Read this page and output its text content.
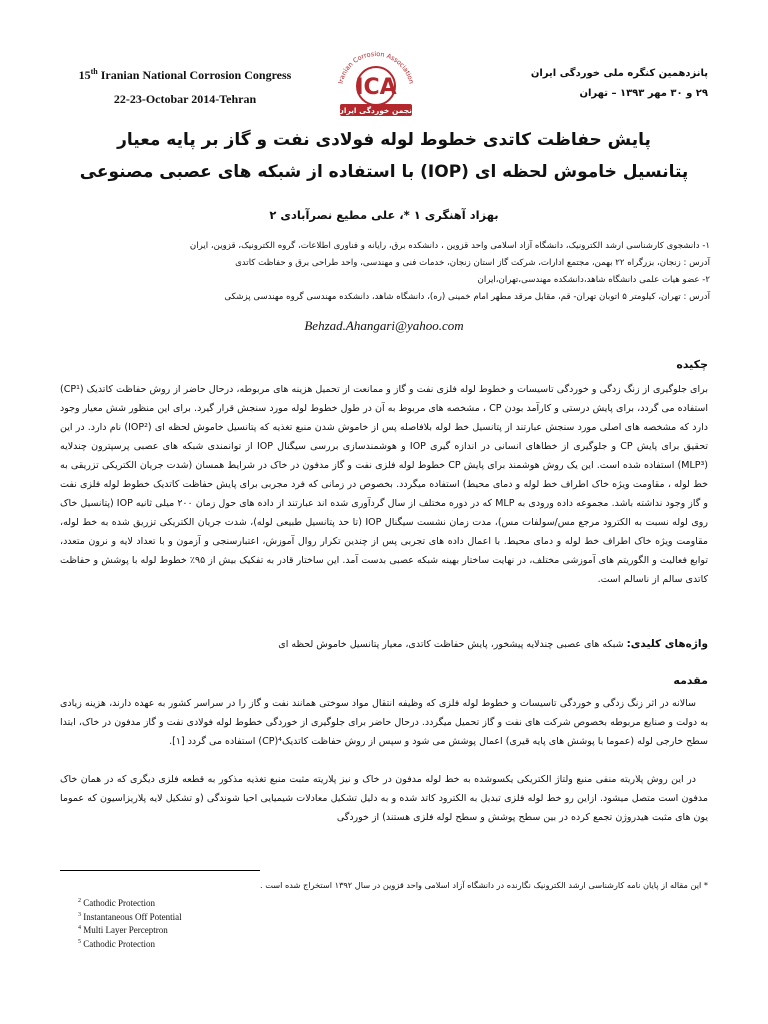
15th Iranian National Corrosion Congress
22-23-Octobar 2014-Tehran
Iranian Corrosion Association
ICA
انجمن خوردگی ایران
پانزدهمین کنگره ملی خوردگی ایران
۲۹ و ۳۰ مهر ۱۳۹۳ – تهران
پایش حفاظت کاتدی خطوط لوله فولادی نفت و گاز بر پایه معیار
پتانسیل خاموش لحظه ای (IOP) با استفاده از شبکه های عصبی مصنوعی
بهزاد آهنگری ۱ *، علی مطیع نصرآبادی ۲
۱- دانشجوی کارشناسی ارشد الکترونیک، دانشگاه آزاد اسلامی واحد قزوین ، دانشکده برق، رایانه و فناوری اطلاعات، گروه الکترونیک، قزوین، ایران
آدرس : زنجان، بزرگراه ۲۲ بهمن، مجتمع ادارات، شرکت گاز استان زنجان، خدمات فنی و مهندسی، واحد طراحی برق و حفاظت کاتدی
۲- عضو هیات علمی دانشگاه شاهد،دانشکده مهندسی،تهران،ایران
آدرس : تهران، کیلومتر ۵ اتوبان تهران- قم، مقابل مرقد مطهر امام خمینی (ره)، دانشگاه شاهد، دانشکده مهندسی گروه مهندسی پزشکی
Behzad.Ahangari@yahoo.com
چکیده
برای جلوگیری از زنگ زدگی و خوردگی تاسیسات و خطوط لوله فلزی نفت و گاز و ممانعت از تحمیل هزینه های مربوطه، درحال حاضر از روش حفاظت کاتدیک (CP¹) استفاده می گردد، برای پایش درستی و کارآمد بودن CP ، مشخصه های مربوط به آن در طول خطوط لوله مورد سنجش قرار گیرد. برای این منظور شش معیار وجود دارد که مشخصه های اصلی مورد سنجش عبارتند از پتانسیل خط لوله بلافاصله پس از خاموش شدن منبع تغذیه که پتانسیل خاموش لحظه ای (IOP²) نام دارد. در این تحقیق برای پایش CP و جلوگیری از خطاهای انسانی در اندازه گیری IOP و هوشمندسازی بررسی سیگنال IOP از توانمندی شبکه های عصبی پرسپترون چندلایه (MLP³) استفاده شده است. این یک روش هوشمند برای پایش CP خطوط لوله فلزی نفت و گاز مدفون در خاک در شرایط همسان (شدت جریان الکتریکی تزریقی به خط لوله ، مقاومت ویژه خاک اطراف خط لوله و دمای محیط) استفاده میگردد. بخصوص در زمانی که فرد مجربی برای پایش حفاظت کاتدیک خطوط لوله فلزی نفت و گاز وجود نداشته باشد. مجموعه داده ورودی به MLP که در دوره مختلف از سال گردآوری شده اند عبارتند از داده های حول زمان ۲۰۰ میلی ثانیه IOP (پتانسیل خاک روی لوله نسبت به الکترود مرجع مس/سولفات مس)، مدت زمان نشست سیگنال IOP (تا حد پتانسیل طبیعی لوله)، شدت جریان الکتریکی تزریق شده به خط لوله، مقاومت ویژه خاک اطراف خط لوله و دمای محیط. با اعمال داده های تجربی پس از چندین تکرار روال آموزش، اعتبارسنجی و آزمون و با تعداد لایه و نرون متعدد، توابع فعالیت و الگوریتم های آموزشی مختلف، در نهایت ساختار بهینه شبکه عصبی بدست آمد. این ساختار قادر به تفکیک بیش از ۹۵٪ خطوط لوله با پوشش و حفاظت کاتدی سالم از ناسالم است.
واژه‌های کلیدی: شبکه های عصبی چندلایه پیشخور، پایش حفاظت کاتدی، معیار پتانسیل خاموش لحظه ای
مقدمه
سالانه در اثر زنگ زدگی و خوردگی تاسیسات و خطوط لوله فلزی که وظیفه انتقال مواد سوختی همانند نفت و گاز را در سراسر کشور به عهده دارند، هزینه زیادی به دولت و صنایع مربوطه بخصوص شرکت های نفت و گاز تحمیل میگردد. درحال حاضر برای جلوگیری از خوردگی خطوط لوله فولادی نفت و گاز مدفون در خاک، ابتدا سطح خارجی لوله (عموما با پوشش های پایه قیری) اعمال پوشش می شود و سپس از روش حفاظت کاتدیک⁴(CP) استفاده می گردد [۱].
در این روش پلاریته منفی منبع ولتاژ الکتریکی یکسوشده به خط لوله مدفون در خاک و نیز پلاریته مثبت منبع تغذیه مذکور به قطعه فلزی دیگری که در همان خاک مدفون است متصل میشود. ازاین رو خط لوله فلزی تبدیل به الکترود کاتد شده و به دلیل تشکیل معادلات شیمیایی احیا شوندگی (و تشکیل لایه پلاریزاسیون که عموما یون های مثبت هیدروژن تجمع کرده در بین سطح پوشش و سطح لوله فلزی هستند) از خوردگی
* این مقاله از پایان نامه کارشناسی ارشد الکترونیک نگارنده در دانشگاه آزاد اسلامی واحد قزوین در سال ۱۳۹۲ استخراج شده است .
$^2$ Cathodic Protection
$^3$ Instantaneous Off Potential
$^4$ Multi Layer Perceptron
$^5$ Cathodic Protection
